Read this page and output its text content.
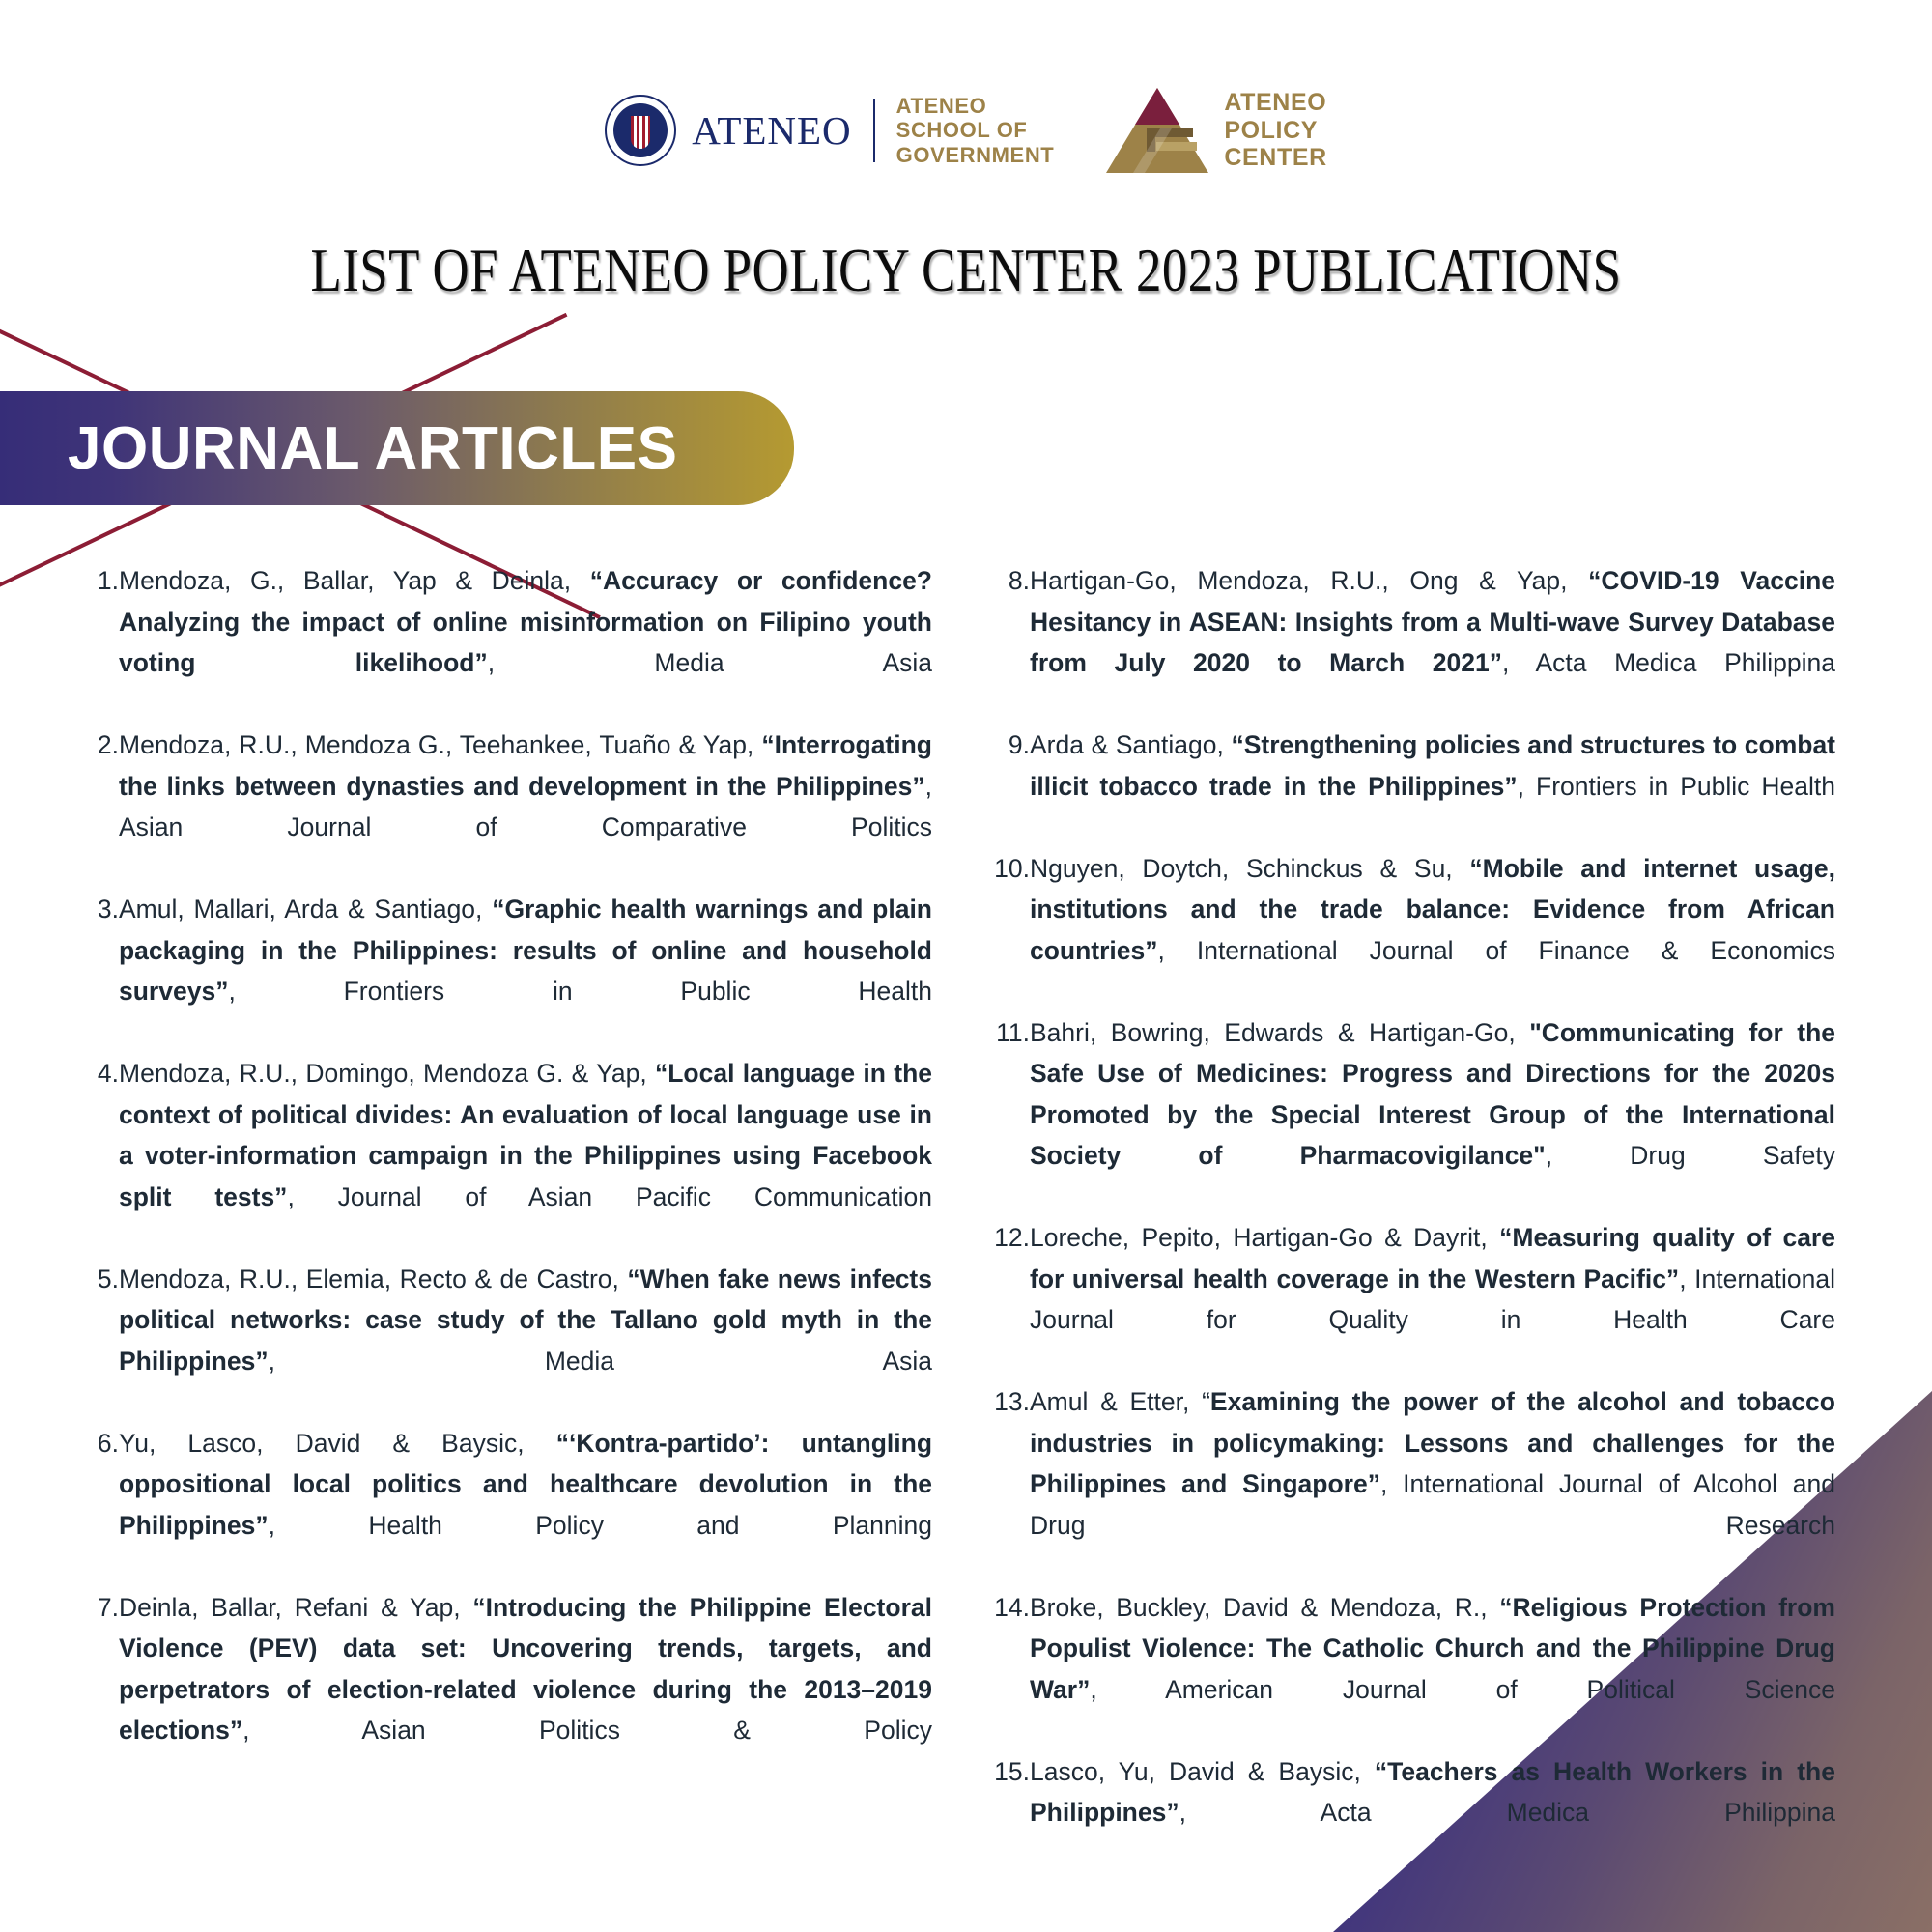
ATENEO
ATENEO
SCHOOL OF
GOVERNMENT
ATENEO
POLICY
CENTER
LIST OF ATENEO POLICY CENTER 2023 PUBLICATIONS
JOURNAL ARTICLES
1. Mendoza, G., Ballar, Yap & Deinla, “Accuracy or confidence? Analyzing the impact of online misinformation on Filipino youth voting likelihood”, Media Asia
2. Mendoza, R.U., Mendoza G., Teehankee, Tuaño & Yap, “Interrogating the links between dynasties and development in the Philippines”, Asian Journal of Comparative Politics
3. Amul, Mallari, Arda & Santiago, “Graphic health warnings and plain packaging in the Philippines: results of online and household surveys”, Frontiers in Public Health
4. Mendoza, R.U., Domingo, Mendoza G. & Yap, “Local language in the context of political divides: An evaluation of local language use in a voter-information campaign in the Philippines using Facebook split tests”, Journal of Asian Pacific Communication
5. Mendoza, R.U., Elemia, Recto & de Castro, “When fake news infects political networks: case study of the Tallano gold myth in the Philippines”, Media Asia
6. Yu, Lasco, David & Baysic, “‘Kontra-partido’: untangling oppositional local politics and healthcare devolution in the Philippines”, Health Policy and Planning
7. Deinla, Ballar, Refani & Yap, “Introducing the Philippine Electoral Violence (PEV) data set: Uncovering trends, targets, and perpetrators of election-related violence during the 2013–2019 elections”, Asian Politics & Policy
8. Hartigan-Go, Mendoza, R.U., Ong & Yap, “COVID-19 Vaccine Hesitancy in ASEAN: Insights from a Multi-wave Survey Database from July 2020 to March 2021”, Acta Medica Philippina
9. Arda & Santiago, “Strengthening policies and structures to combat illicit tobacco trade in the Philippines”, Frontiers in Public Health
10. Nguyen, Doytch, Schinckus & Su, “Mobile and internet usage, institutions and the trade balance: Evidence from African countries”, International Journal of Finance & Economics
11. Bahri, Bowring, Edwards & Hartigan-Go, "Communicating for the Safe Use of Medicines: Progress and Directions for the 2020s Promoted by the Special Interest Group of the International Society of Pharmacovigilance", Drug Safety
12. Loreche, Pepito, Hartigan-Go & Dayrit, “Measuring quality of care for universal health coverage in the Western Pacific”, International Journal for Quality in Health Care
13. Amul & Etter, “Examining the power of the alcohol and tobacco industries in policymaking: Lessons and challenges for the Philippines and Singapore”, International Journal of Alcohol and Drug Research
14. Broke, Buckley, David & Mendoza, R., “Religious Protection from Populist Violence: The Catholic Church and the Philippine Drug War”, American Journal of Political Science
15. Lasco, Yu, David & Baysic, “Teachers as Health Workers in the Philippines”, Acta Medica Philippina
